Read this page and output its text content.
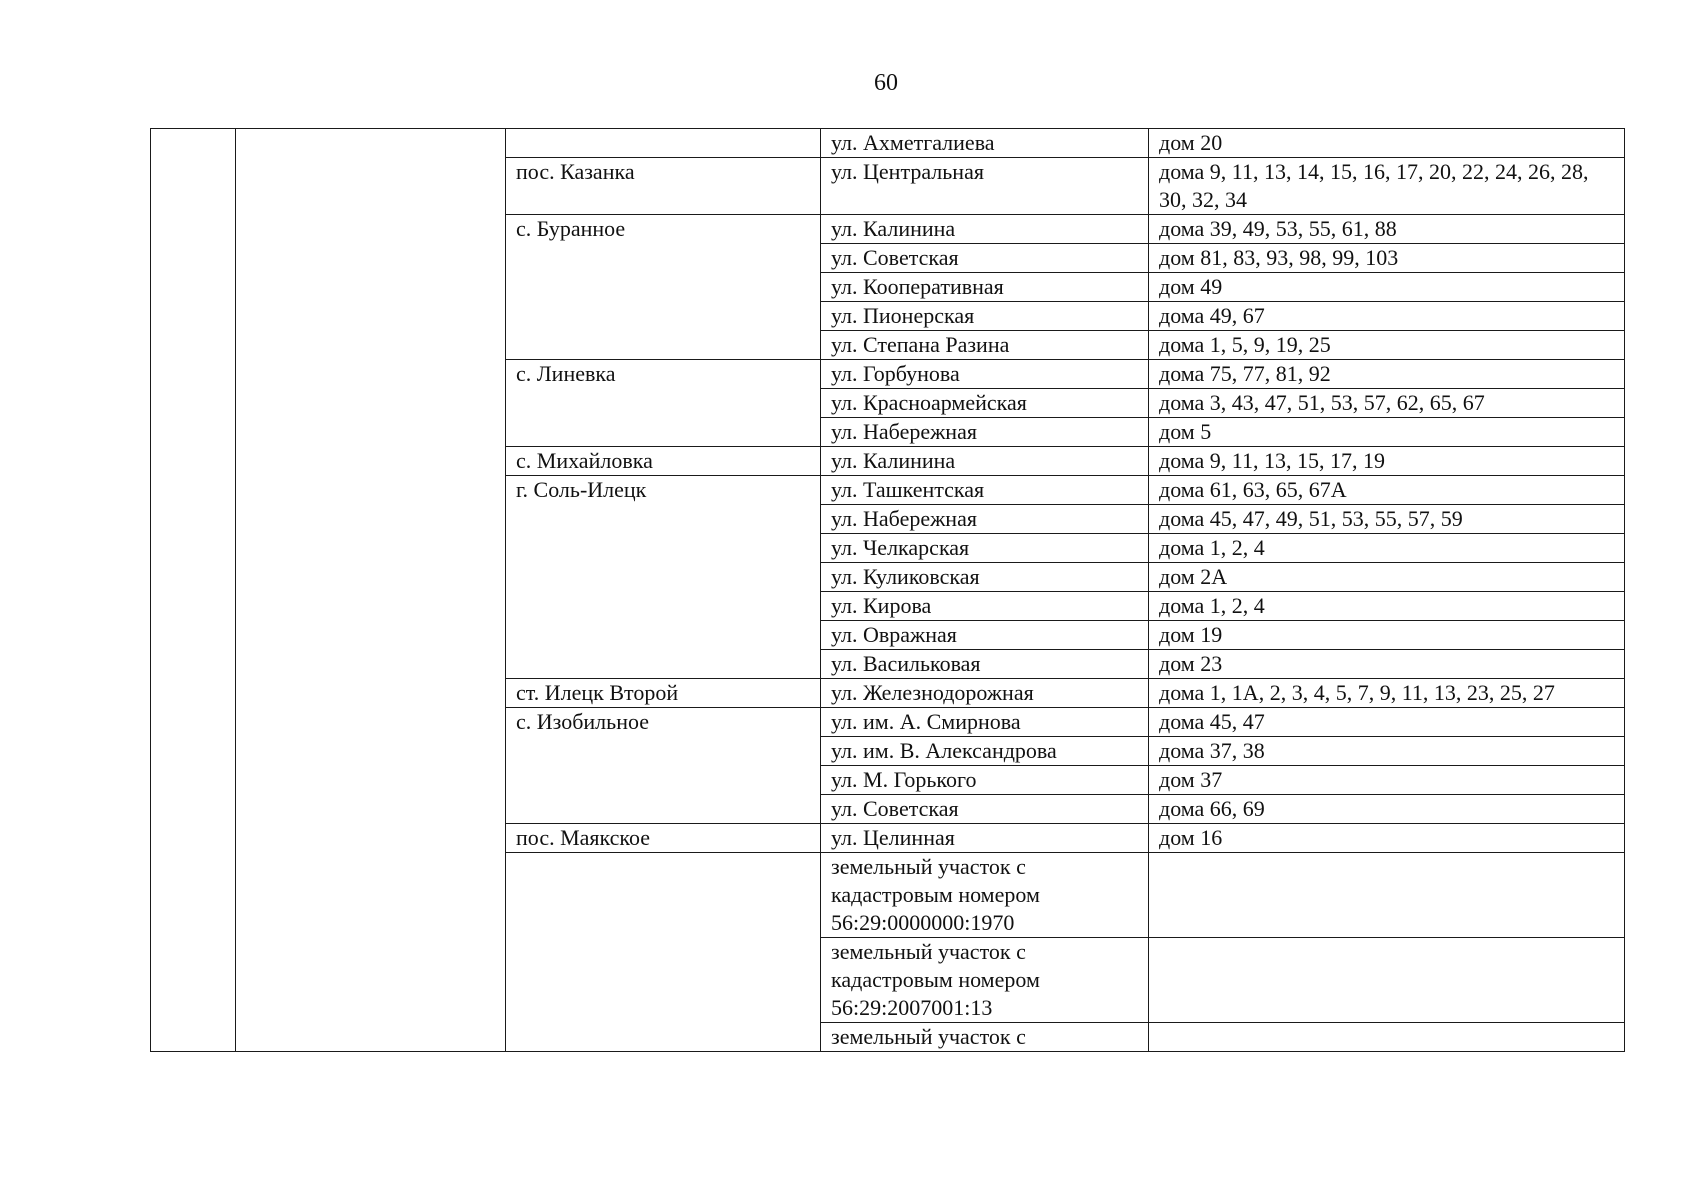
60
			ул. Ахметгалиева	дом 20
		пос. Казанка	ул. Центральная	дома 9, 11, 13, 14, 15, 16, 17, 20, 22, 24, 26, 28, 30, 32, 34
		с. Буранное	ул. Калинина	дома 39, 49, 53, 55, 61, 88
			ул. Советская	дом 81, 83, 93, 98, 99, 103
			ул. Кооперативная	дом 49
			ул. Пионерская	дома 49, 67
			ул. Степана Разина	дома 1, 5, 9, 19, 25
		с. Линевка	ул. Горбунова	дома 75, 77, 81, 92
			ул. Красноармейская	дома 3, 43, 47, 51, 53, 57, 62, 65, 67
			ул. Набережная	дом 5
		с. Михайловка	ул. Калинина	дома 9, 11, 13, 15, 17, 19
		г. Соль-Илецк	ул. Ташкентская	дома 61, 63, 65, 67А
			ул. Набережная	дома 45, 47, 49, 51, 53, 55, 57, 59
			ул. Челкарская	дома 1, 2, 4
			ул. Куликовская	дом 2А
			ул. Кирова	дома 1, 2, 4
			ул. Овражная	дом 19
			ул. Васильковая	дом 23
		ст. Илецк Второй	ул. Железнодорожная	дома 1, 1А, 2, 3, 4, 5, 7, 9, 11, 13, 23, 25, 27
		с. Изобильное	ул. им. А. Смирнова	дома 45, 47
			ул. им. В. Александрова	дома 37, 38
			ул. М. Горького	дом 37
			ул. Советская	дома 66, 69
		пос. Маякское	ул. Целинная	дом 16
			земельный участок с
кадастровым номером
56:29:0000000:1970	
			земельный участок с
кадастровым номером
56:29:2007001:13	
			земельный участок с	
